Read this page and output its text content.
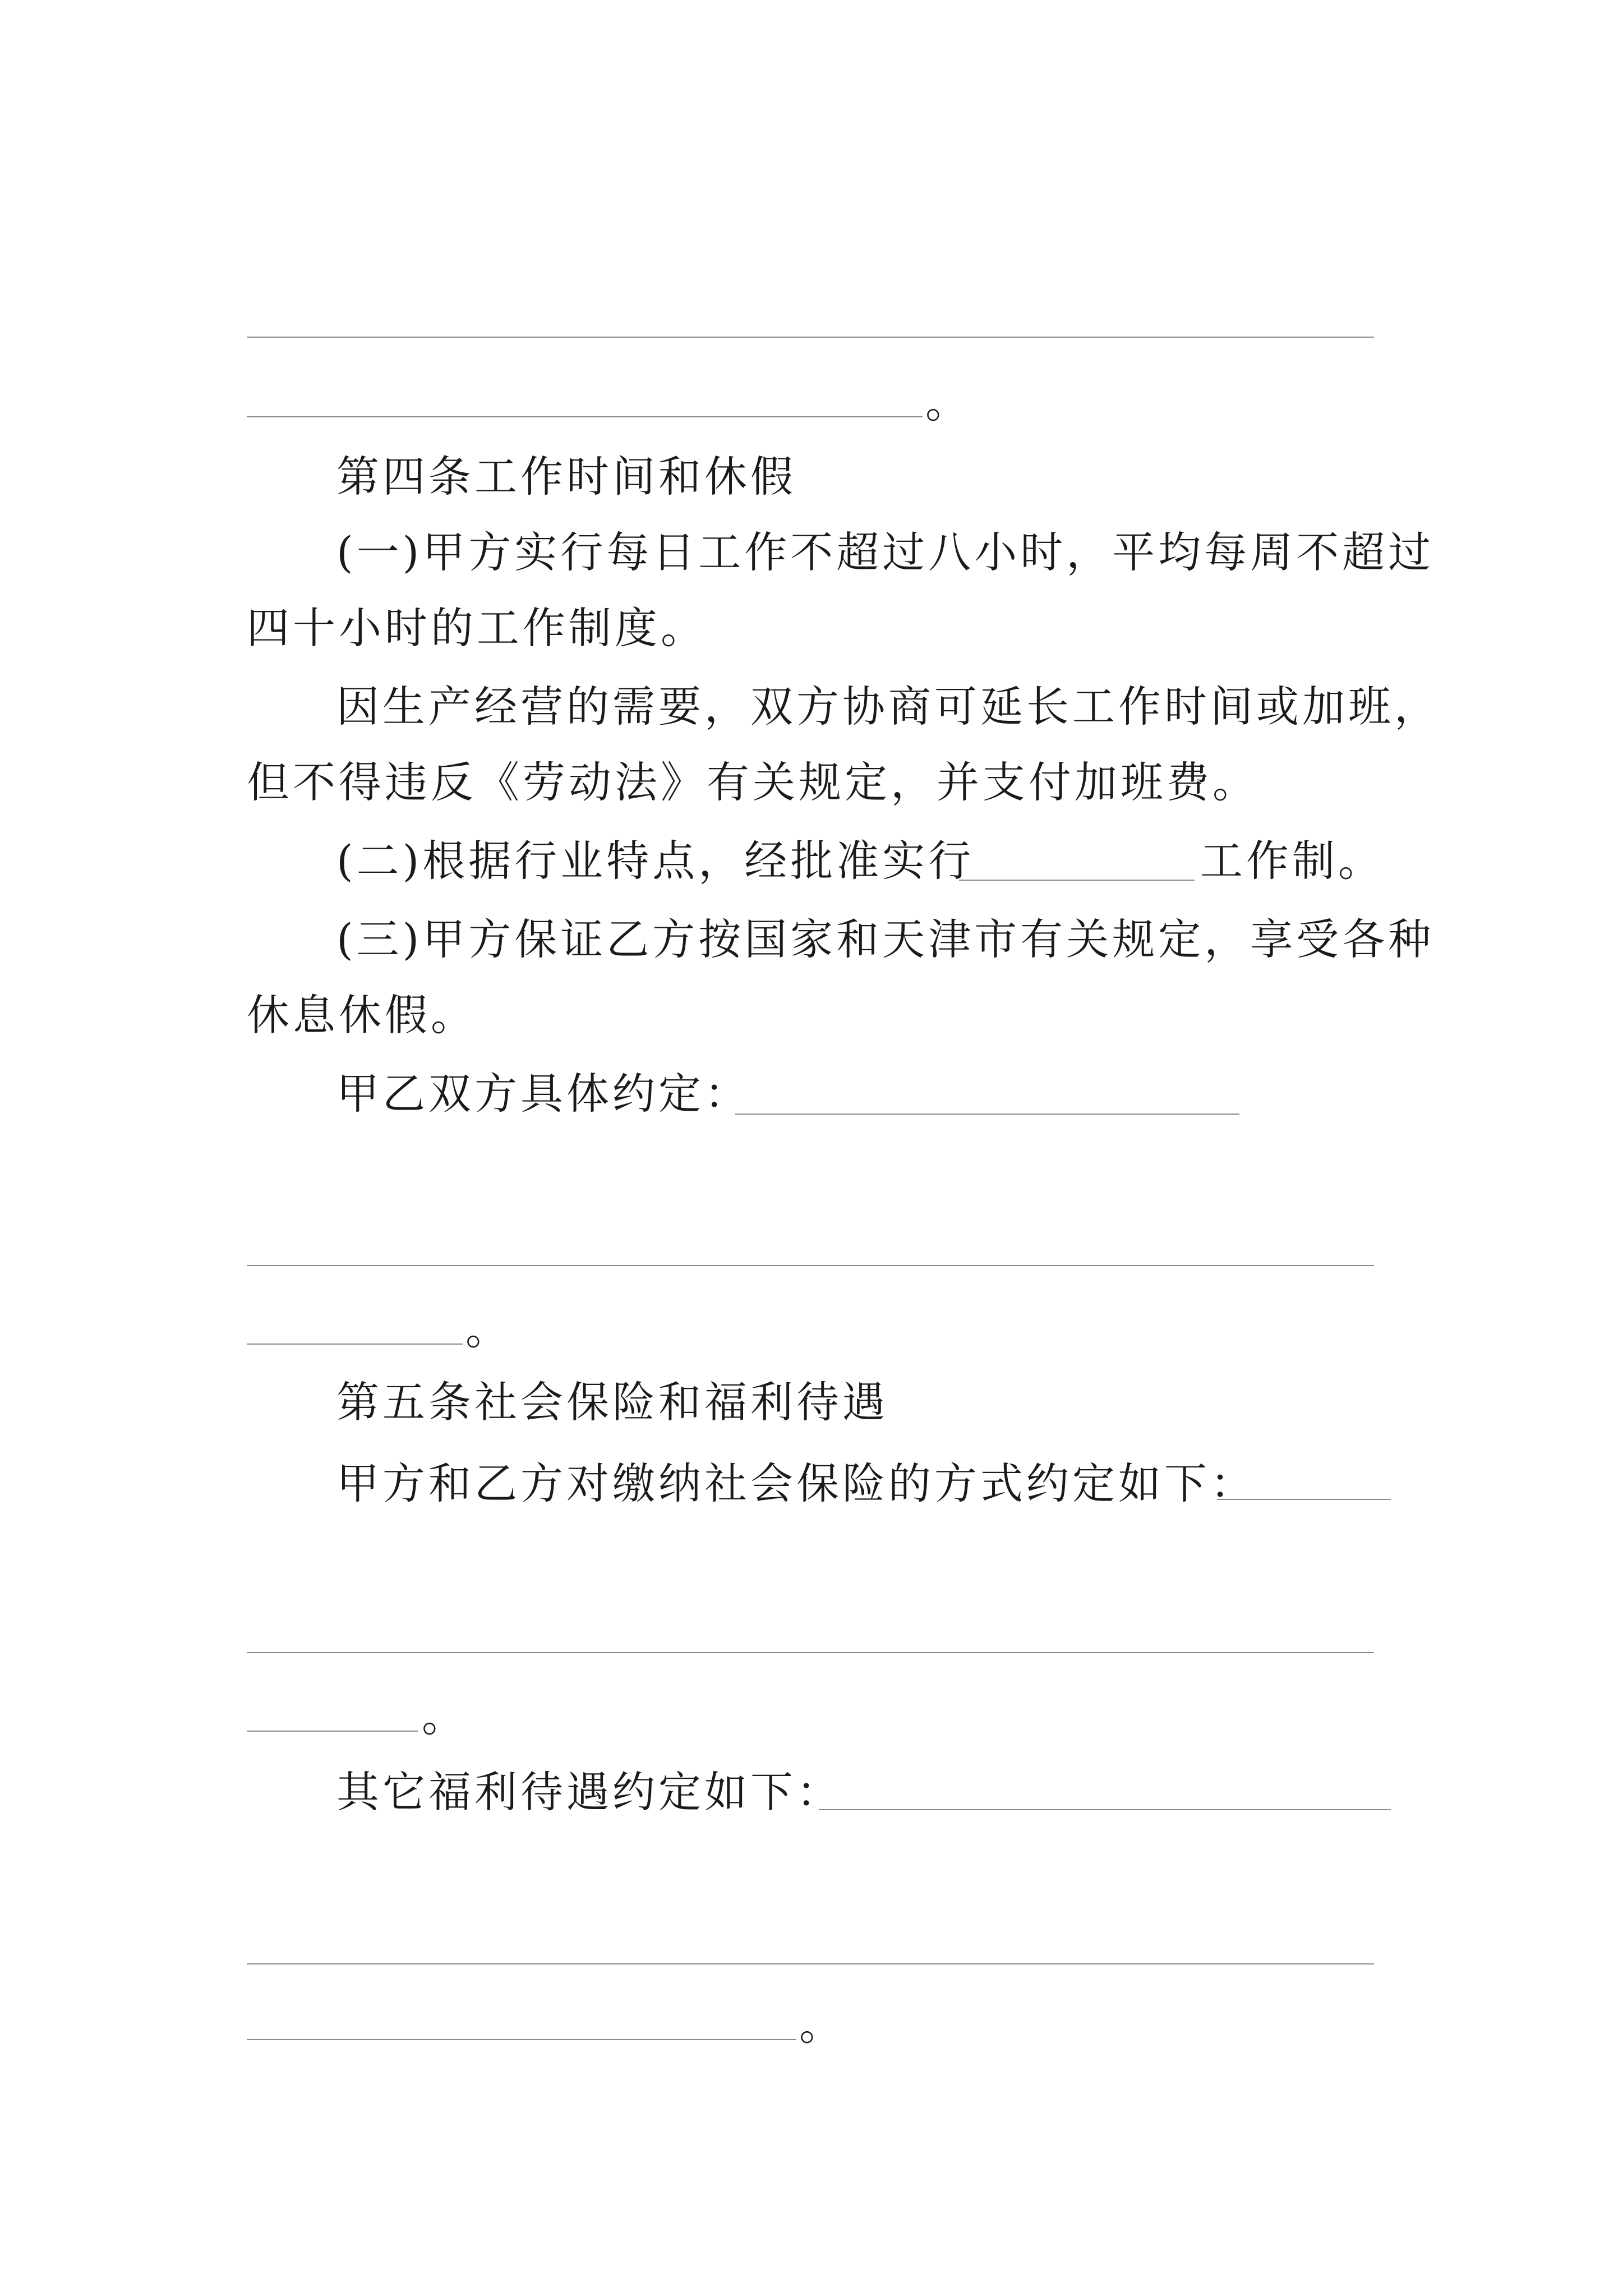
。
第四条工作时间和休假
(一)甲方实行每日工作不超过八小时，平均每周不超过
四十小时的工作制度。
因生产经营的需要，双方协商可延长工作时间或加班，
但不得违反《劳动法》有关规定，并支付加班费。
(二)根据行业特点，经批准实行	工作制。
(三)甲方保证乙方按国家和天津市有关规定，享受各种
休息休假。
甲乙双方具体约定：
。
第五条社会保险和福利待遇
甲方和乙方对缴纳社会保险的方式约定如下：
。
其它福利待遇约定如下：
。
